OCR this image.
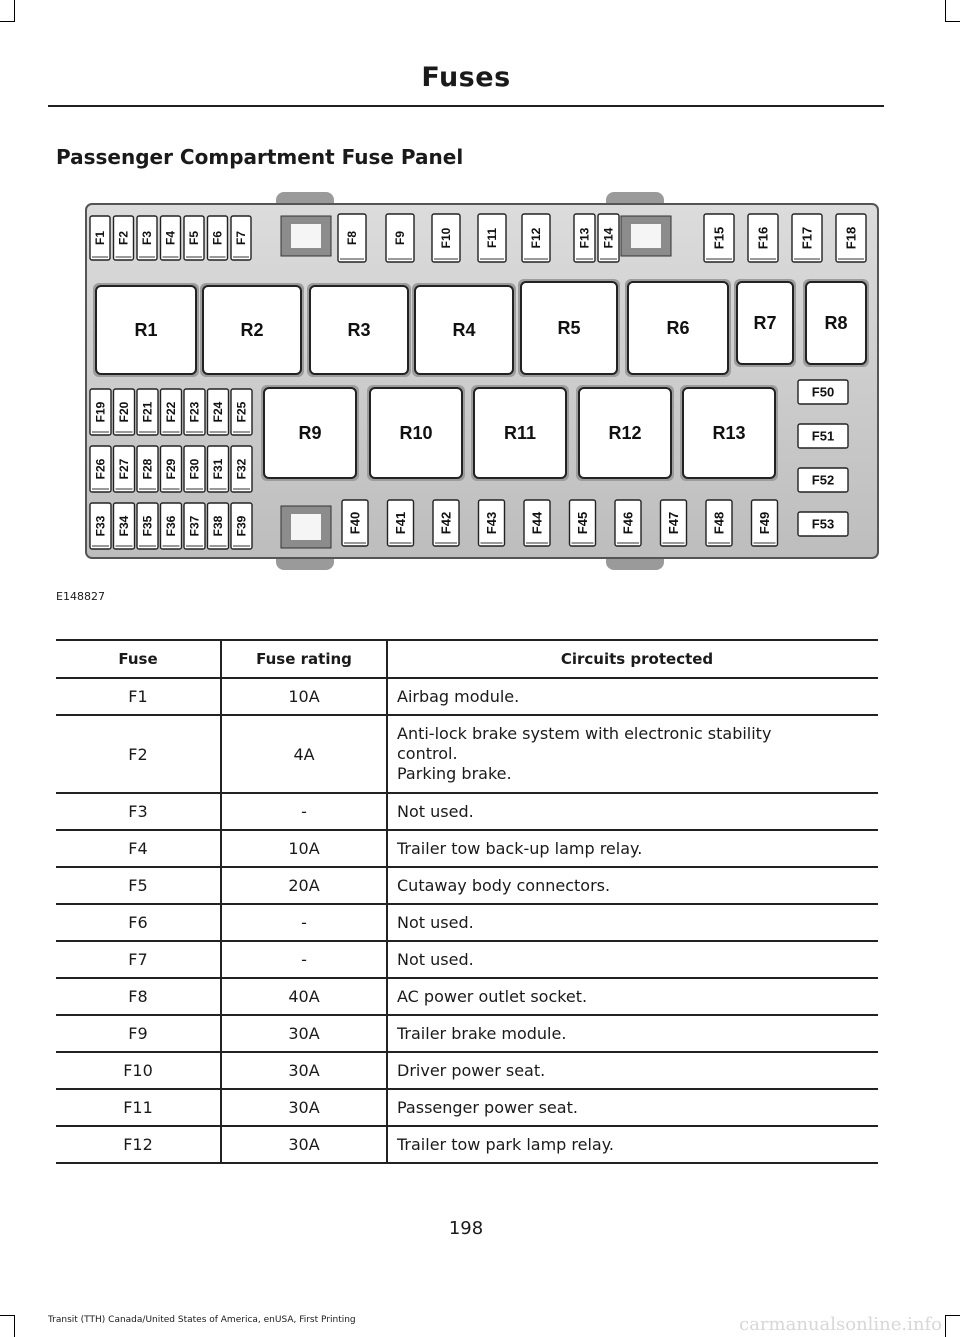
Fuses
Passenger Compartment Fuse Panel
F1 F2 F3 F4 F5 F6 F7	F8	F9	F10	F11	F12	F13 F14	F15 F16 F17 F18
F19 F20 F21 F22 F23 F24 F25
F26 F27 F28 F29 F30 F31 F32
F33 F34 F35 F36 F37 F38 F39	F40 F41 F42 F43 F44 F45 F46 F47 F48 F49
F50
F51
F52
F53
R1	R2	R3	R4	R5	R6	R7	R8
R9	R10	R11	R12	R13
E148827
Fuse	Fuse rating	Circuits protected
F1	10A	Airbag module.
F2	4A	Anti-lock brake system with electronic stability control.
Parking brake.

F3	-	Not used.
F4	10A	Trailer tow back-up lamp relay.
F5	20A	Cutaway body connectors.
F6	-	Not used.
F7	-	Not used.
F8	40A	AC power outlet socket.
F9	30A	Trailer brake module.
F10	30A	Driver power seat.
F11	30A	Passenger power seat.
F12	30A	Trailer tow park lamp relay.
198
Transit (TTH) Canada/United States of America, enUSA, First Printing	carmanualsonline.info
